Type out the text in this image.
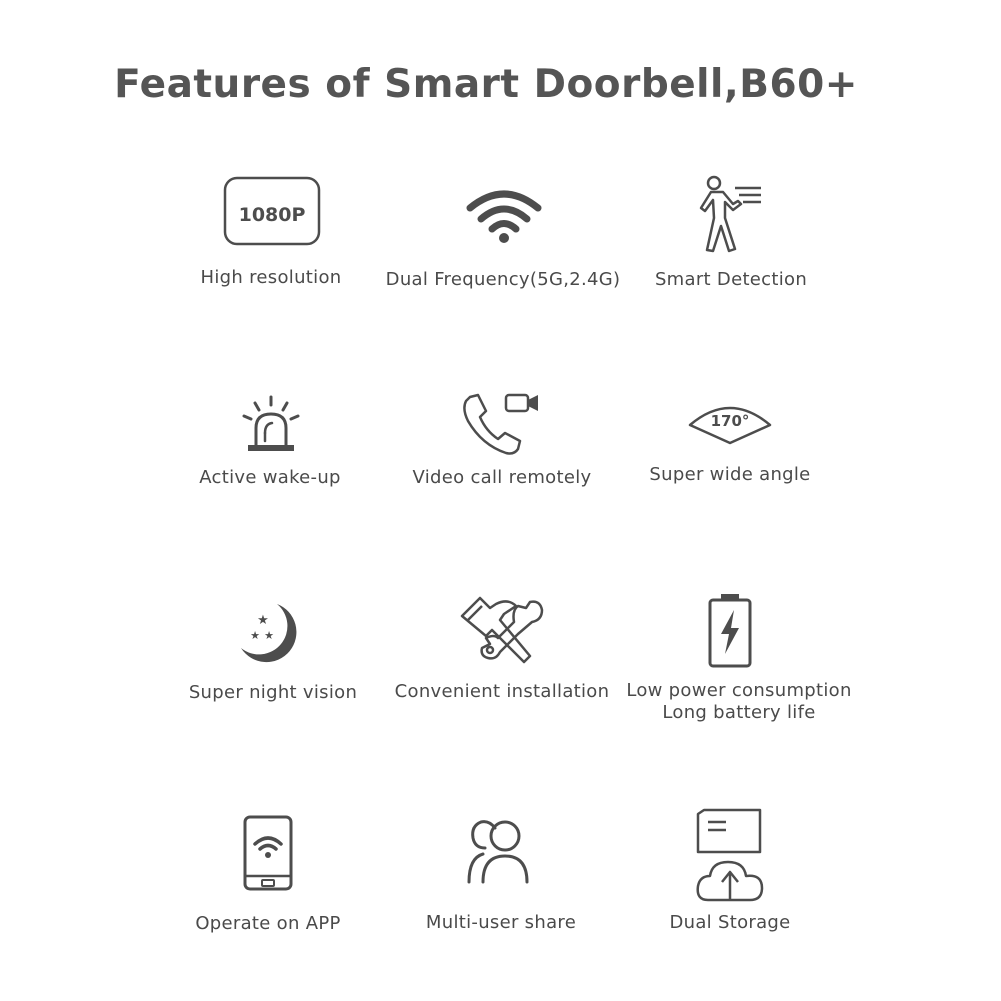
Features of Smart Doorbell,B60+
1080P
High resolution	Dual Frequency(5G,2.4G)	Smart Detection
Active wake-up	Video call remotely
170°
Super wide angle
★
★ ★
Super night vision	Convenient installation Low power consumption
Long battery life
Operate on APP	Multi-user share	Dual Storage
